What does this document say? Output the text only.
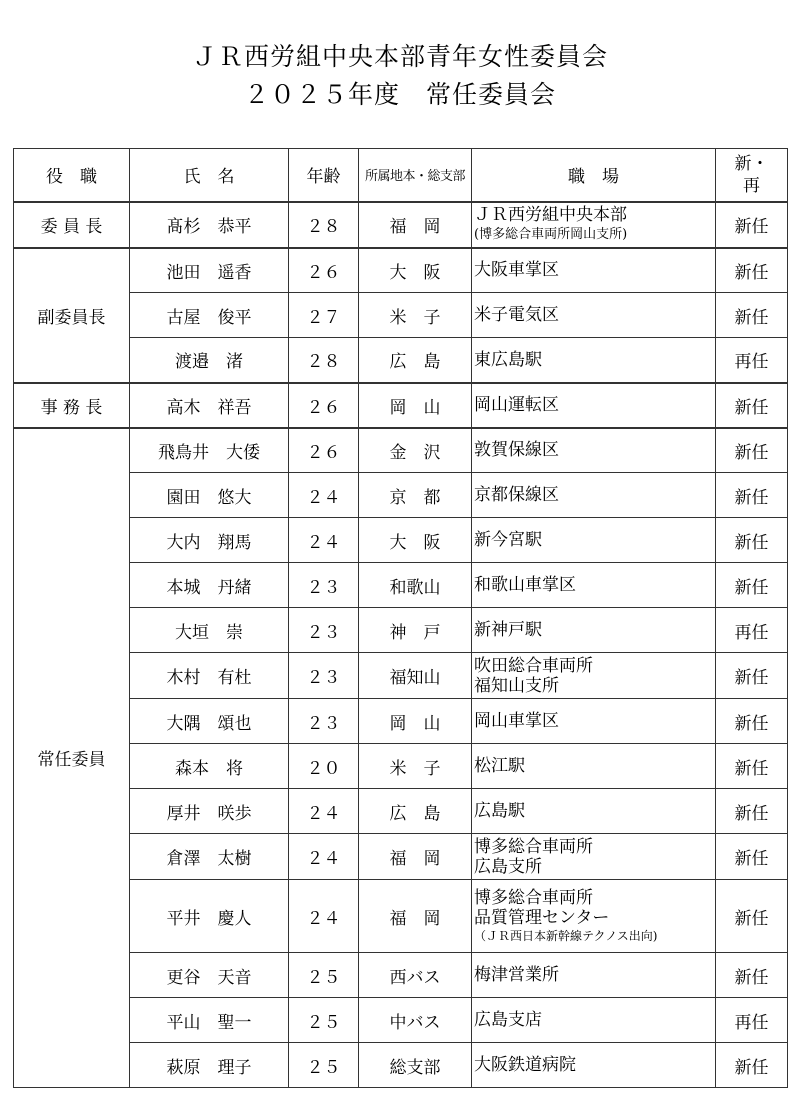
ＪＲ西労組中央本部青年女性委員会
２０２５年度　常任委員会
役　職	氏　名	年齢	所属地本・総支部	職　場	新・再
委 員 長	髙杉　恭平	２８	福　岡	ＪＲ西労組中央本部
(博多総合車両所岡山支所)	新任
副委員長	池田　遥香	２６	大　阪	大阪車掌区	新任
	古屋　俊平	２７	米　子	米子電気区	新任
	渡邉　渚	２８	広　島	東広島駅	再任
事 務 長	高木　祥吾	２６	岡　山	岡山運転区	新任
常任委員	飛鳥井　大倭	２６	金　沢	敦賀保線区	新任
	園田　悠大	２４	京　都	京都保線区	新任
	大内　翔馬	２４	大　阪	新今宮駅	新任
	本城　丹緒	２３	和歌山	和歌山車掌区	新任
	大垣　崇	２３	神　戸	新神戸駅	再任
	木村　有杜	２３	福知山	吹田総合車両所
福知山支所	新任
	大隅　頌也	２３	岡　山	岡山車掌区	新任
	森本　将	２０	米　子	松江駅	新任
	厚井　咲歩	２４	広　島	広島駅	新任
	倉澤　太樹	２４	福　岡	博多総合車両所
広島支所	新任
	平井　慶人	２４	福　岡	博多総合車両所
品質管理センター
（ＪＲ西日本新幹線テクノス出向)	新任
	更谷　天音	２５	西バス	梅津営業所	新任
	平山　聖一	２５	中バス	広島支店	再任
	萩原　理子	２５	総支部	大阪鉄道病院	新任
